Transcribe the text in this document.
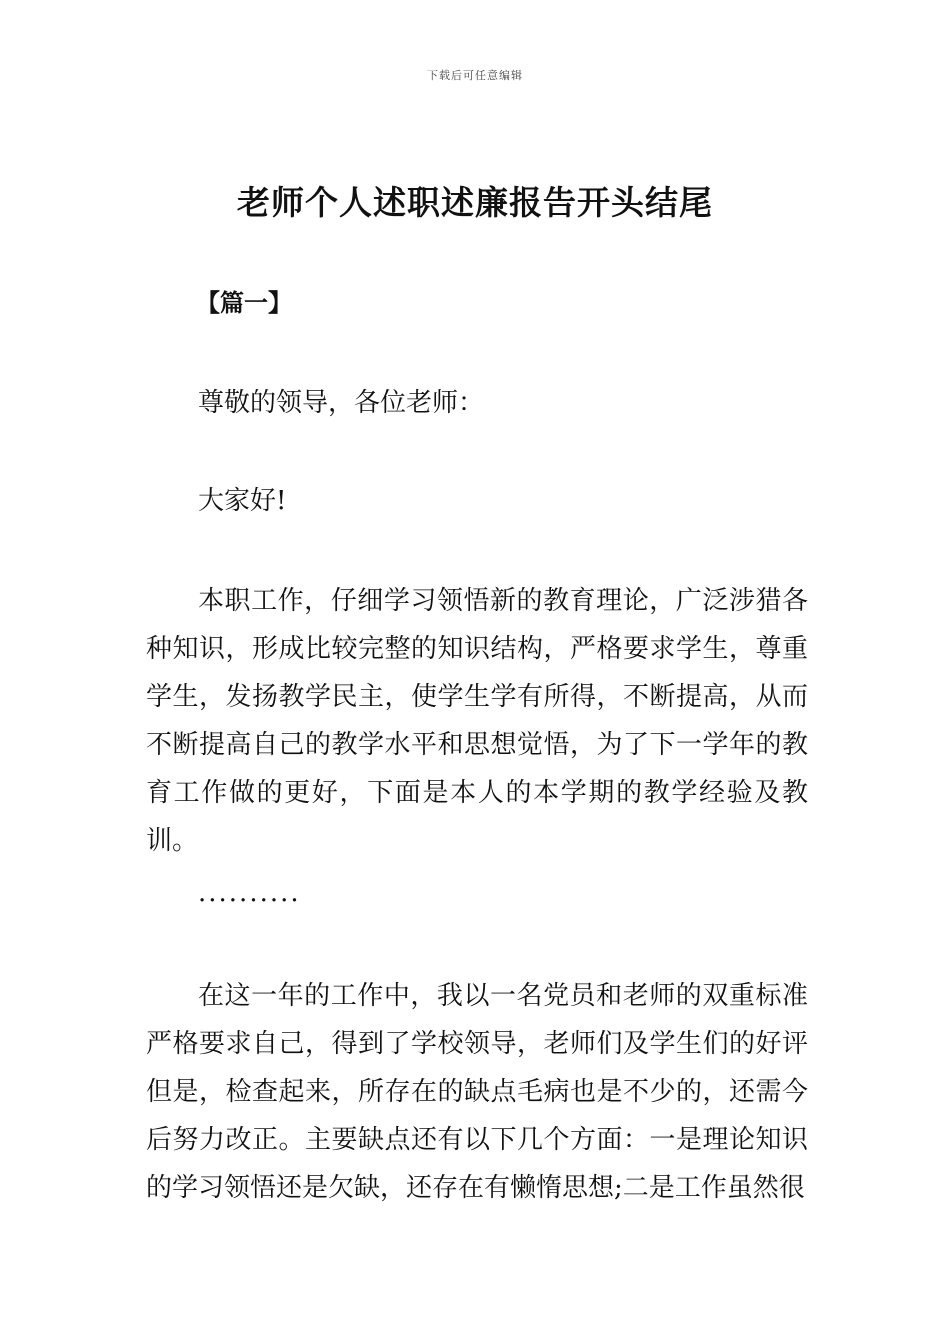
下载后可任意编辑
老师个人述职述廉报告开头结尾
【篇一】

尊敬的领导，各位老师：

大家好!

本职工作，仔细学习领悟新的教育理论，广泛涉猎各种知识，形成比较完整的知识结构，严格要求学生，尊重学生，发扬教学民主，使学生学有所得，不断提高，从而不断提高自己的教学水平和思想觉悟，为了下一学年的教育工作做的更好，下面是本人的本学期的教学经验及教训。

··········

在这一年的工作中，我以一名党员和老师的双重标准严格要求自己，得到了学校领导，老师们及学生们的好评但是，检查起来，所存在的缺点毛病也是不少的，还需今后努力改正。主要缺点还有以下几个方面：一是理论知识的学习领悟还是欠缺，还存在有懒惰思想;二是工作虽然很
